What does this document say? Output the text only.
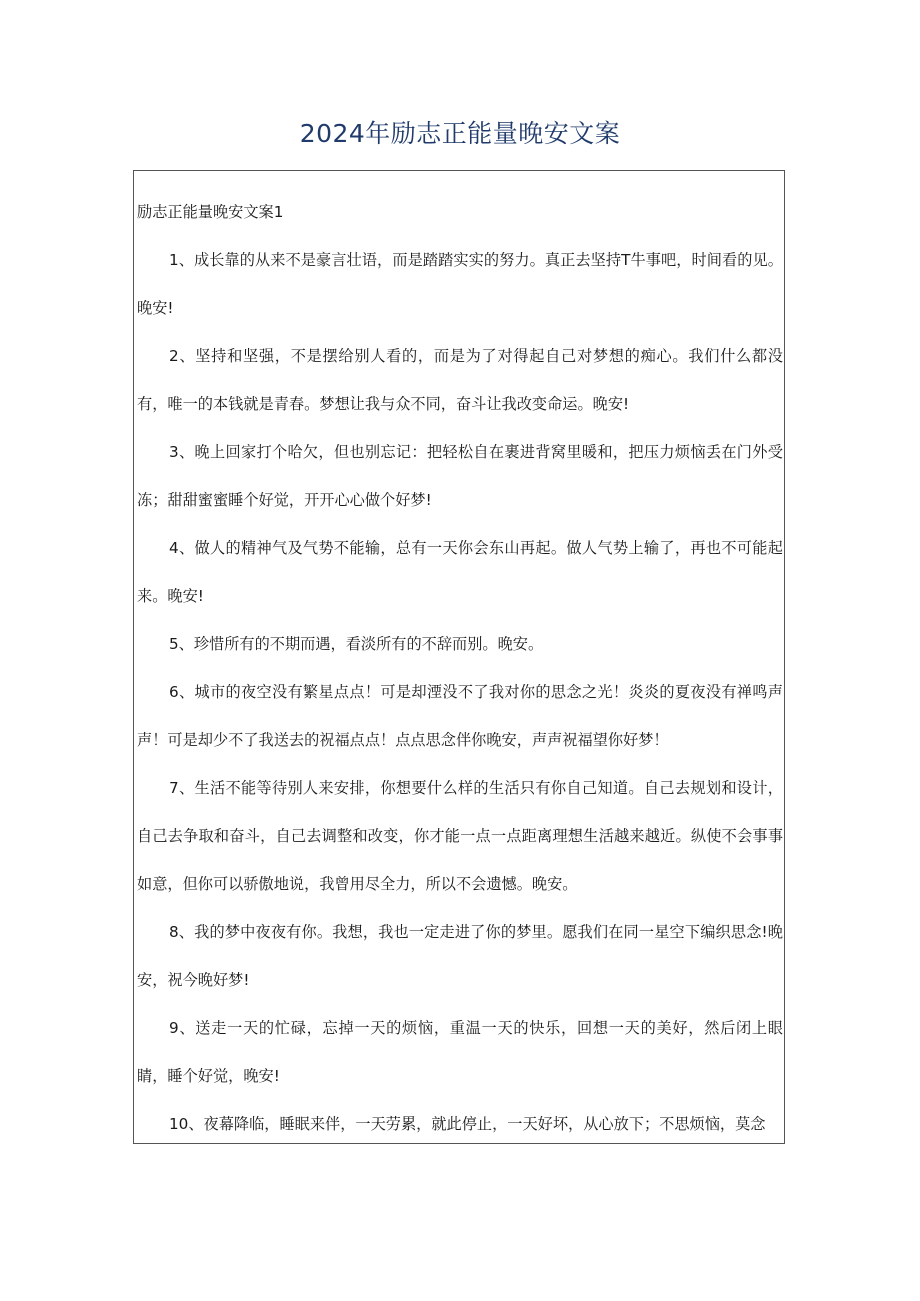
2024年励志正能量晚安文案

励志正能量晚安文案1

1、成长靠的从来不是豪言壮语，而是踏踏实实的努力。真正去坚持T牛事吧，时间看的见。晚安!

2、坚持和坚强，不是摆给别人看的，而是为了对得起自己对梦想的痴心。我们什么都没有，唯一的本钱就是青春。梦想让我与众不同，奋斗让我改变命运。晚安!

3、晚上回家打个哈欠，但也别忘记：把轻松自在裹进背窝里暖和，把压力烦恼丢在门外受冻；甜甜蜜蜜睡个好觉，开开心心做个好梦!

4、做人的精神气及气势不能输，总有一天你会东山再起。做人气势上输了，再也不可能起来。晚安!

5、珍惜所有的不期而遇，看淡所有的不辞而别。晚安。

6、城市的夜空没有繁星点点！可是却湮没不了我对你的思念之光！炎炎的夏夜没有禅鸣声声！可是却少不了我送去的祝福点点！点点思念伴你晚安，声声祝福望你好梦！

7、生活不能等待别人来安排，你想要什么样的生活只有你自己知道。自己去规划和设计，自己去争取和奋斗，自己去调整和改变，你才能一点一点距离理想生活越来越近。纵使不会事事如意，但你可以骄傲地说，我曾用尽全力，所以不会遗憾。晚安。

8、我的梦中夜夜有你。我想，我也一定走进了你的梦里。愿我们在同一星空下编织思念!晚安，祝今晚好梦!

9、送走一天的忙碌，忘掉一天的烦恼，重温一天的快乐，回想一天的美好，然后闭上眼睛，睡个好觉，晚安!

10、夜幕降临，睡眠来伴，一天劳累，就此停止，一天好坏，从心放下；不思烦恼，莫念
